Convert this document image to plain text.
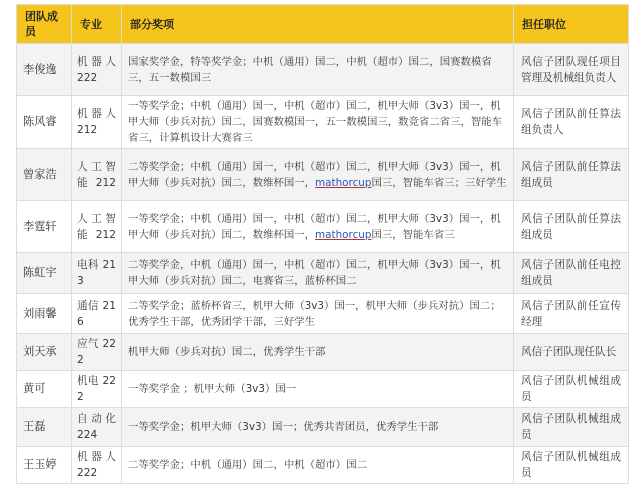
团队成员	专业	部分奖项	担任职位
李俊逸	机器人 222	国家奖学金，特等奖学金；中机（通用）国二，中机（超市）国二，国赛数模省三，五一数模国三	风信子团队现任项目管理及机械组负责人
陈风睿	机器人 212	一等奖学金；中机（通用）国一，中机（超市）国二，机甲大师（3v3）国一，机甲大师（步兵对抗）国二，国赛数模国一，五一数模国三，数竞省二省三，智能车省三，计算机设计大赛省三	风信子团队前任算法组负责人
曾家浩	人工智能 212	二等奖学金；中机（通用）国一，中机（超市）国二，机甲大师（3v3）国一，机甲大师（步兵对抗）国二，数维杯国一，mathorcup国三，智能车省三；三好学生	风信子团队前任算法组成员
李霆轩	人工智能 212	一等奖学金；中机（通用）国一，中机（超市）国二，机甲大师（3v3）国一，机甲大师（步兵对抗）国二，数维杯国一，mathorcup国三，智能车省三	风信子团队前任算法组成员
陈虹宇	电科 213	二等奖学金，中机（通用）国一，中机（超市）国二，机甲大师（3v3）国一，机甲大师（步兵对抗）国二，电赛省三，蓝桥杯国二	风信子团队前任电控组成员
刘雨馨	通信 216	二等奖学金；蓝桥杯省三，机甲大师（3v3）国一，机甲大师（步兵对抗）国二；优秀学生干部，优秀团学干部，三好学生	风信子团队前任宣传经理
刘天承	应气 222	机甲大师（步兵对抗）国二，优秀学生干部	风信子团队现任队长
黄可	机电 222	一等奖学金 ；机甲大师（3v3）国一	风信子团队机械组成员
王磊	自动化 224	一等奖学金；机甲大师（3v3）国一；优秀共青团员，优秀学生干部	风信子团队机械组成员
王玉婷	机器人 222	二等奖学金；中机（通用）国二，中机（超市）国二	风信子团队机械组成员
